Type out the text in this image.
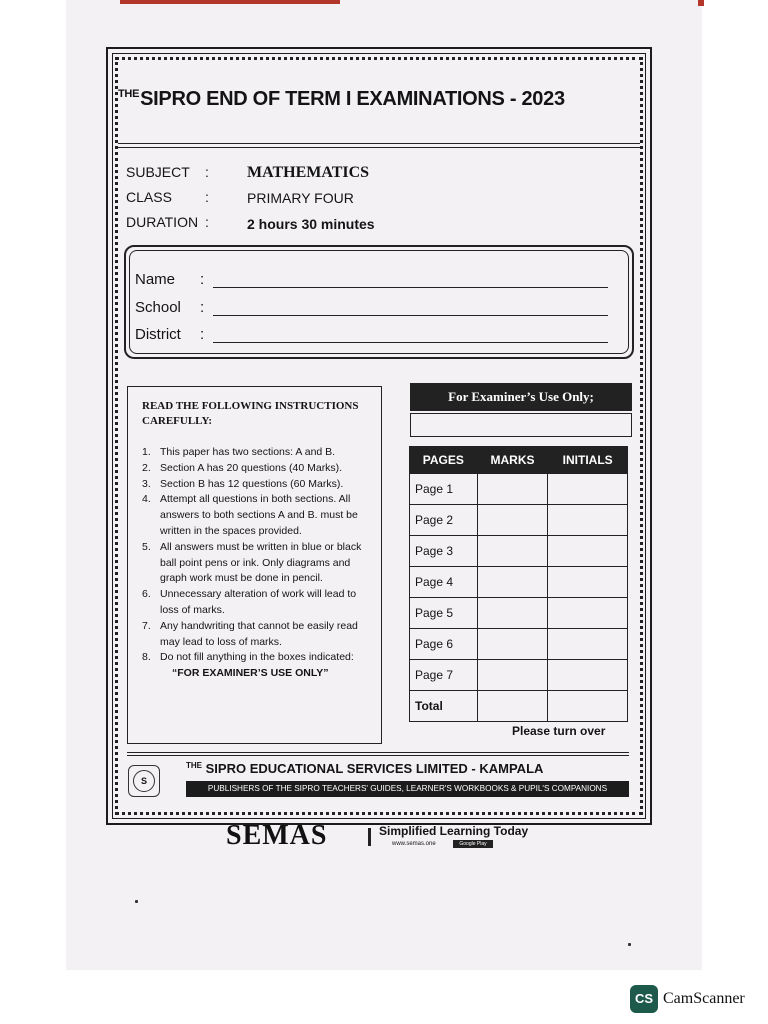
$^{THE}$SIPRO END OF TERM I EXAMINATIONS - 2023
SUBJECT : MATHEMATICS
CLASS :	PRIMARY FOUR
DURATION :	2 hours 30 minutes
Name :
School :
District :
READ THE FOLLOWING INSTRUCTIONS CAREFULLY:
1. This paper has two sections: A and B.
2. Section A has 20 questions (40 Marks).
3. Section B has 12 questions (60 Marks).
4. Attempt all questions in both sections. All answers to both sections A and B. must be written in the spaces provided.
5. All answers must be written in blue or black ball point pens or ink. Only diagrams and graph work must be done in pencil.
6. Unnecessary alteration of work will lead to loss of marks.
7. Any handwriting that cannot be easily read may lead to loss of marks.
8. Do not fill anything in the boxes indicated:
“FOR EXAMINER’S USE ONLY”
For Examiner’s Use Only;
PAGES	MARKS	INITIALS
Page 1		
Page 2		
Page 3		
Page 4		
Page 5		
Page 6		
Page 7		
Total		
Please turn over
S
$^{THE}$ SIPRO EDUCATIONAL SERVICES LIMITED - KAMPALA
PUBLISHERS OF THE SIPRO TEACHERS' GUIDES, LEARNER'S WORKBOOKS & PUPIL'S COMPANIONS
SEMAS	Simplified Learning Today
www.semas.one	Google Play
CS CamScanner
